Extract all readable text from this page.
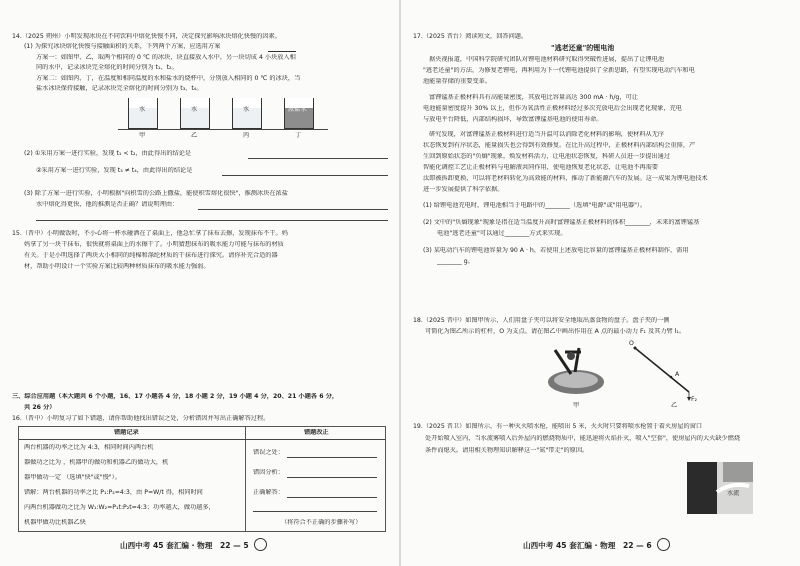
14.（2025 朔州）小明发现冰块在不同饮料中熔化快慢不同，决定探究影响冰块熔化快慢的因素。
(1) 为探究冰块熔化快慢与接触面积的关系，下列两个方案，应选用方案
方案一：如图甲、乙，取两个相同的 0 ℃ 的冰块，块直接放入水中，另一块切成 4 小块放入相
同的水中，记录冰块完全熔化的时间分别为 t₁、t₂。
方案二：如图丙、丁，在温度和相同温度的水和盐水的烧杯中，分别放入相同的 0 ℃ 的冰块，当
盐水冰块保持接触，记录冰块完全熔化的时间分别为 t₃、t₄。
水	水	水	浓盐水
甲	乙	丙	丁
(2) ①采用方案一进行实验，发现 t₁ < t₂，由此得出的结论是
②采用方案一进行实验，发现 t₃ ≠ t₄，由此得出的结论是
(3) 除了方案一进行实验，小明根据"向积雪的公路上撒盐，能使积雪熔化很快"，推测冰块在浓盐
水中熔化得更快，他的推测是否正确？请说明理由：
15.（晋中）小明做饭时，不小心将一杯水碰洒在了桌面上，他急忙拿了抹布去擦，发现抹布不干。妈
妈拿了另一块干抹布，很快就将桌面上的水擦干了。小明猜想抹布的吸水能力可能与抹布的材质
有关。于是小明选择了两块大小相同的纯棉和涤纶材质的干抹布进行探究。请你补充合适的器
材，帮助小明设计一个实验方案比较两种材质抹布的吸水能力强弱。
三、综合应用题（本大题共 6 个小题，16、17 小题各 4 分，18 小题 2 分，19 小题 4 分，20、21 小题各 6 分，
共 26 分）
16.（晋中）小明复习了如下错题，请你帮助他找出错误之处，分析错因并写出正确解答过程。
错题记录	错题改正
两台机器的功率之比为 4:3，相同时间内两台机
器做功之比为 ，机器甲的做功和机器乙的做功大，机
器甲做功一定 （选填"快"或"慢"）。
错解：两台机器的功率之比 P₁:P₂=4:3，由 P=W/t 得，相同时间
内两台机器做功之比为 W₁:W₂=P₁t:P₂t=4:3；功率越大，做功越多，
机器甲做功比机器乙快
错误之处：
错因分析：
正确解答：
（将符合不正确的步骤补写）
山西中考 45 套汇编 · 物理　22 — 5
17.（2025 晋台）阅读短文，回答问题。
"逃老还童"的锂电池
据央视报道，中国科学院研究团队对锂电池材料研究取得突破性进展，提出了让锂电池
"逃老还童"的方法，为修复老锂电，再利用为下一代锂电池提供了全新思路，有望实现电动汽车和电
池能量存储的重要变革。
富锂锰基正极材料具有高能量密度，其放电比容量高达 300 mA · h/g，可让
电池能量密度提升 30% 以上，但作为氧活性正极材料经过多次充放电后会出现老化现象，充电
与放电平台降低，内部结构损坏，导致富锂锰基电池的使用寿命。
研究发现，对富锂锰基正极材料进行适当升温可以消除老化材料的影响，使材料从无序
状态恢复到有序状态，能量损失也会得到有效修复。在比升高过程中，正极材料内部结构会重排，产
生回到原始状态的"负熵"现象，焕发材料活力，让电池状态恢复，科研人员进一步提出通过
智能化调控工艺让正极材料与电解液共同作用，使电池恢复老化状态，让电池不再需要
汰即被拆卸更换，可以将老材料转化为高效能的材料，推动了新能源汽车的发展。这一成果为锂电池技术
进一步发展提供了科学依据。
(1) 给锂电池充电时，锂电池相当于电路中的________（选填"电源"或"用电器"）。
(2) 文中的"负熵现象"现象是指在适当温度升高时富锂锰基正极材料的体积________，未来的富锂锰基
电池"逃老还童"可以通过________方式来实现。
(3) 某电动汽车的锂电池容量为 90 A · h，若使用上述放电比容量的富锂锰基正极材料制作，需用
________ g。
18.（2025 晋中）如图甲所示，人们用盘子夹可以将安全地取出蒸食物的盘子。盘子夹的一侧
可简化为图乙所示的杠杆，O 为支点。请在图乙中画出作用在 A 点的最小动力 F₁ 及其力臂 l₁。
甲
O
A
F₂
乙
19.（2025 晋卫）如图所示，有一种灭火喷水枪，能喷出 5 米，火火时只要将喷水枪置于着火房屋的窗口
处开始喷入室内，当水流雾喷入后外屋内的燃烧物质中，能迅速将火焰扑灭，喷入"空套"，使房屋内的大火缺少燃烧
条件而熄灭。请用相关物理知识解释这一"氮"带走"的原因。
水流
山西中考 45 套汇编 · 物理　22 — 6
